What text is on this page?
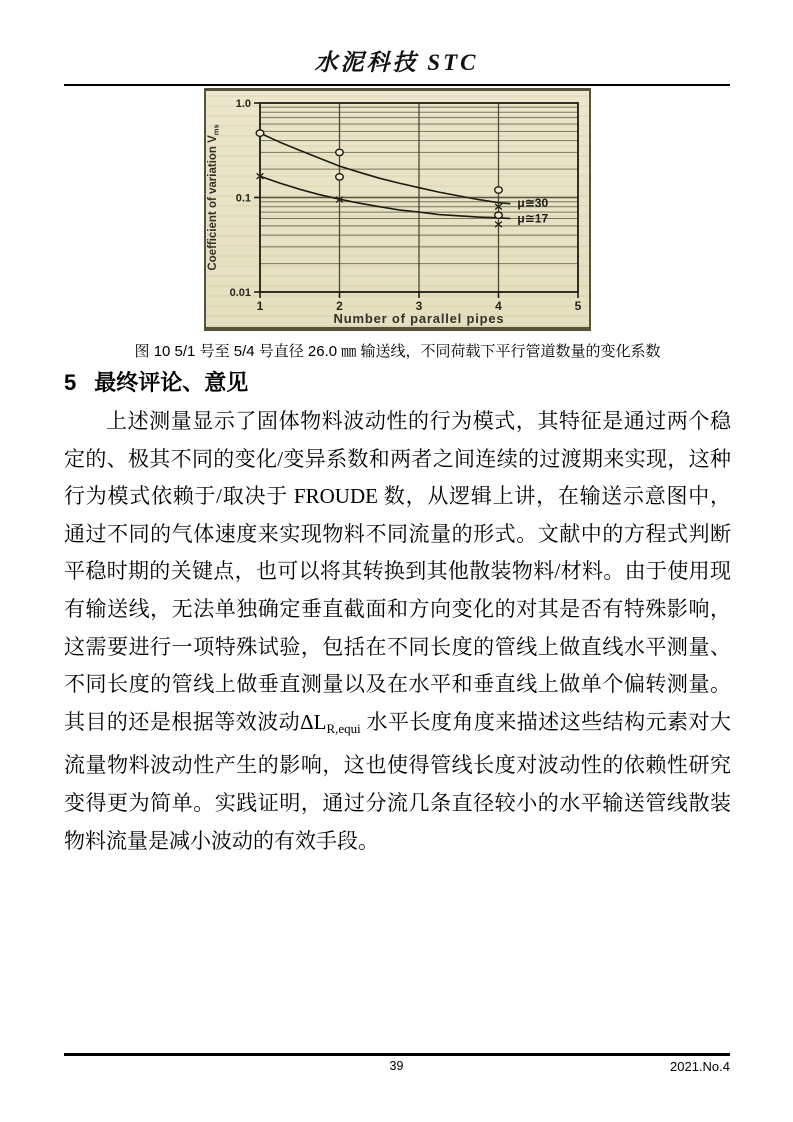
水泥科技 STC
1.0
0.1
0.01
1	2	3	4	5
Number of parallel pipes
Coefficient of variation $V_{ms}$
μ≅30
μ≅17
图 10 5/1 号至 5/4 号直径 26.0 ㎜ 输送线，不同荷载下平行管道数量的变化系数
5 最终评论、意见

上述测量显示了固体物料波动性的行为模式，其特征是通过两个稳定的、极其不同的变化/变异系数和两者之间连续的过渡期来实现，这种行为模式依赖于/取决于 FROUDE 数，从逻辑上讲，在输送示意图中，通过不同的气体速度来实现物料不同流量的形式。文献中的方程式判断平稳时期的关键点，也可以将其转换到其他散装物料/材料。由于使用现有输送线，无法单独确定垂直截面和方向变化的对其是否有特殊影响，这需要进行一项特殊试验，包括在不同长度的管线上做直线水平测量、不同长度的管线上做垂直测量以及在水平和垂直线上做单个偏转测量。其目的还是根据等效波动$\Delta L_{R,equi}$ 水平长度角度来描述这些结构元素对大流量物料波动性产生的影响，这也使得管线长度对波动性的依赖性研究变得更为简单。实践证明，通过分流几条直径较小的水平输送管线散装物料流量是减小波动的有效手段。

39	2021.No.4
